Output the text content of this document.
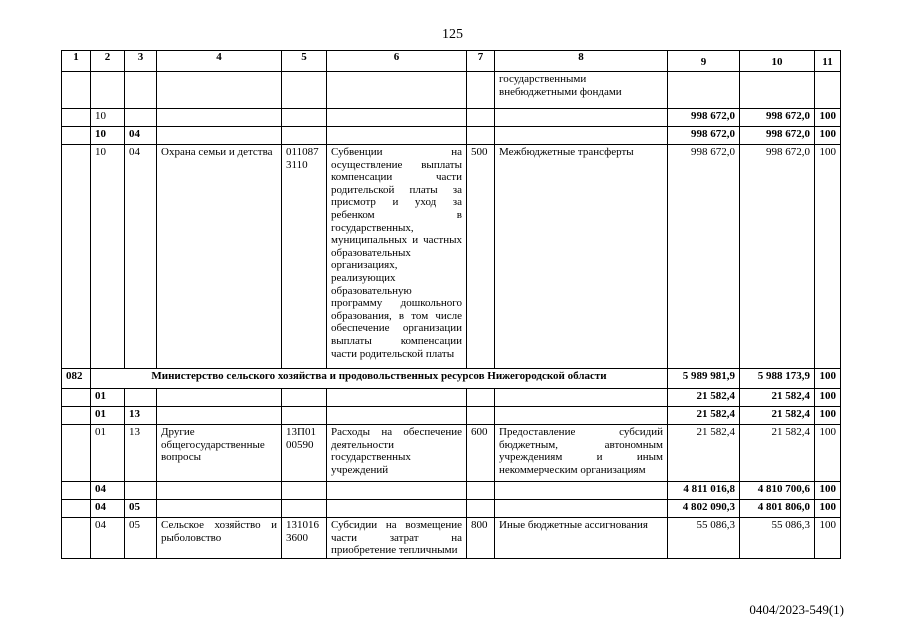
125
1	2	3	4	5	6	7	8	9	10	11
							государственными внебюджетными фондами			
	10							998 672,0	998 672,0	100
	10	04						998 672,0	998 672,0	100
	10	04	Охрана семьи и детства	011087 3110	Субвенции на осуществление выплаты компенсации части родительской платы за присмотр и уход за ребенком в государственных, муниципальных и частных образовательных организациях, реализующих образовательную программу дошкольного образования, в том числе обеспечение организации выплаты компенсации части родительской платы	500	Межбюджетные трансферты	998 672,0	998 672,0	100
082	Министерство сельского хозяйства и продовольственных ресурсов Нижегородской области							5 989 981,9	5 988 173,9	100
	01							21 582,4	21 582,4	100
	01	13						21 582,4	21 582,4	100
	01	13	Другие общегосударственные вопросы	13П01 00590	Расходы на обеспечение деятельности государственных учреждений	600	Предоставление субсидий бюджетным, автономным учреждениям и иным некоммерческим организациям	21 582,4	21 582,4	100
	04							4 811 016,8	4 810 700,6	100
	04	05						4 802 090,3	4 801 806,0	100
	04	05	Сельское хозяйство и рыболовство	131016 3600	Субсидии на возмещение части затрат на приобретение тепличными	800	Иные бюджетные ассигнования	55 086,3	55 086,3	100
0404/2023-549(1)
